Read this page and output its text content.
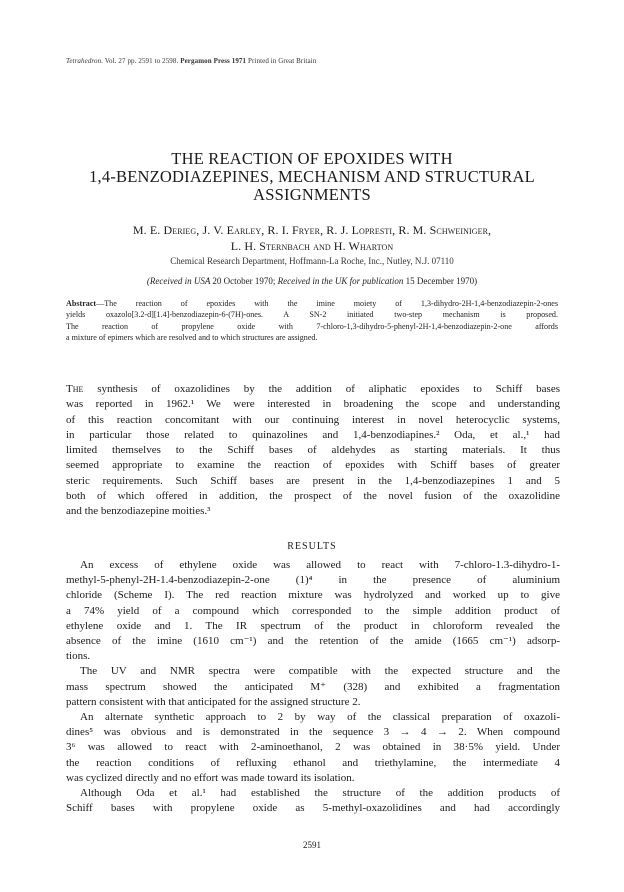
Tetrahedron. Vol. 27 pp. 2591 to 2598. Pergamon Press 1971 Printed in Great Britain
THE REACTION OF EPOXIDES WITH
1,4-BENZODIAZEPINES, MECHANISM AND STRUCTURAL
ASSIGNMENTS
M. E. Derieg, J. V. Earley, R. I. Fryer, R. J. Lopresti, R. M. Schweiniger,
L. H. Sternbach and H. Wharton
Chemical Research Department, Hoffmann-La Roche, Inc., Nutley, N.J. 07110
(Received in USA 20 October 1970; Received in the UK for publication 15 December 1970)
Abstract—The reaction of epoxides with the imine moiety of 1,3-dihydro-2H-1,4-benzodiazepin-2-ones
yields oxazolo[3.2-d][1.4]-benzodiazepin-6-(7H)-ones. A SN-2 initiated two-step mechanism is proposed.
The reaction of propylene oxide with 7-chloro-1,3-dihydro-5-phenyl-2H-1,4-benzodiazepin-2-one affords
a mixture of epimers which are resolved and to which structures are assigned.
The synthesis of oxazolidines by the addition of aliphatic epoxides to Schiff bases
was reported in 1962.¹ We were interested in broadening the scope and understanding
of this reaction concomitant with our continuing interest in novel heterocyclic systems,
in particular those related to quinazolines and 1,4-benzodiapines.² Oda, et al.,¹ had
limited themselves to the Schiff bases of aldehydes as starting materials. It thus
seemed appropriate to examine the reaction of epoxides with Schiff bases of greater
steric requirements. Such Schiff bases are present in the 1,4-benzodiazepines 1 and 5
both of which offered in addition, the prospect of the novel fusion of the oxazolidine
and the benzodiazepine moities.³
RESULTS
An excess of ethylene oxide was allowed to react with 7-chloro-1.3-dihydro-1-
methyl-5-phenyl-2H-1.4-benzodiazepin-2-one (1)⁴ in the presence of aluminium
chloride (Scheme I). The red reaction mixture was hydrolyzed and worked up to give
a 74% yield of a compound which corresponded to the simple addition product of
ethylene oxide and 1. The IR spectrum of the product in chloroform revealed the
absence of the imine (1610 cm⁻¹) and the retention of the amide (1665 cm⁻¹) adsorp-
tions.
The UV and NMR spectra were compatible with the expected structure and the
mass spectrum showed the anticipated M⁺ (328) and exhibited a fragmentation
pattern consistent with that anticipated for the assigned structure 2.
An alternate synthetic approach to 2 by way of the classical preparation of oxazoli-
dines⁵ was obvious and is demonstrated in the sequence 3 → 4 → 2. When compound
3⁶ was allowed to react with 2-aminoethanol, 2 was obtained in 38·5% yield. Under
the reaction conditions of refluxing ethanol and triethylamine, the intermediate 4
was cyclized directly and no effort was made toward its isolation.
Although Oda et al.¹ had established the structure of the addition products of
Schiff bases with propylene oxide as 5-methyl-oxazolidines and had accordingly
2591
